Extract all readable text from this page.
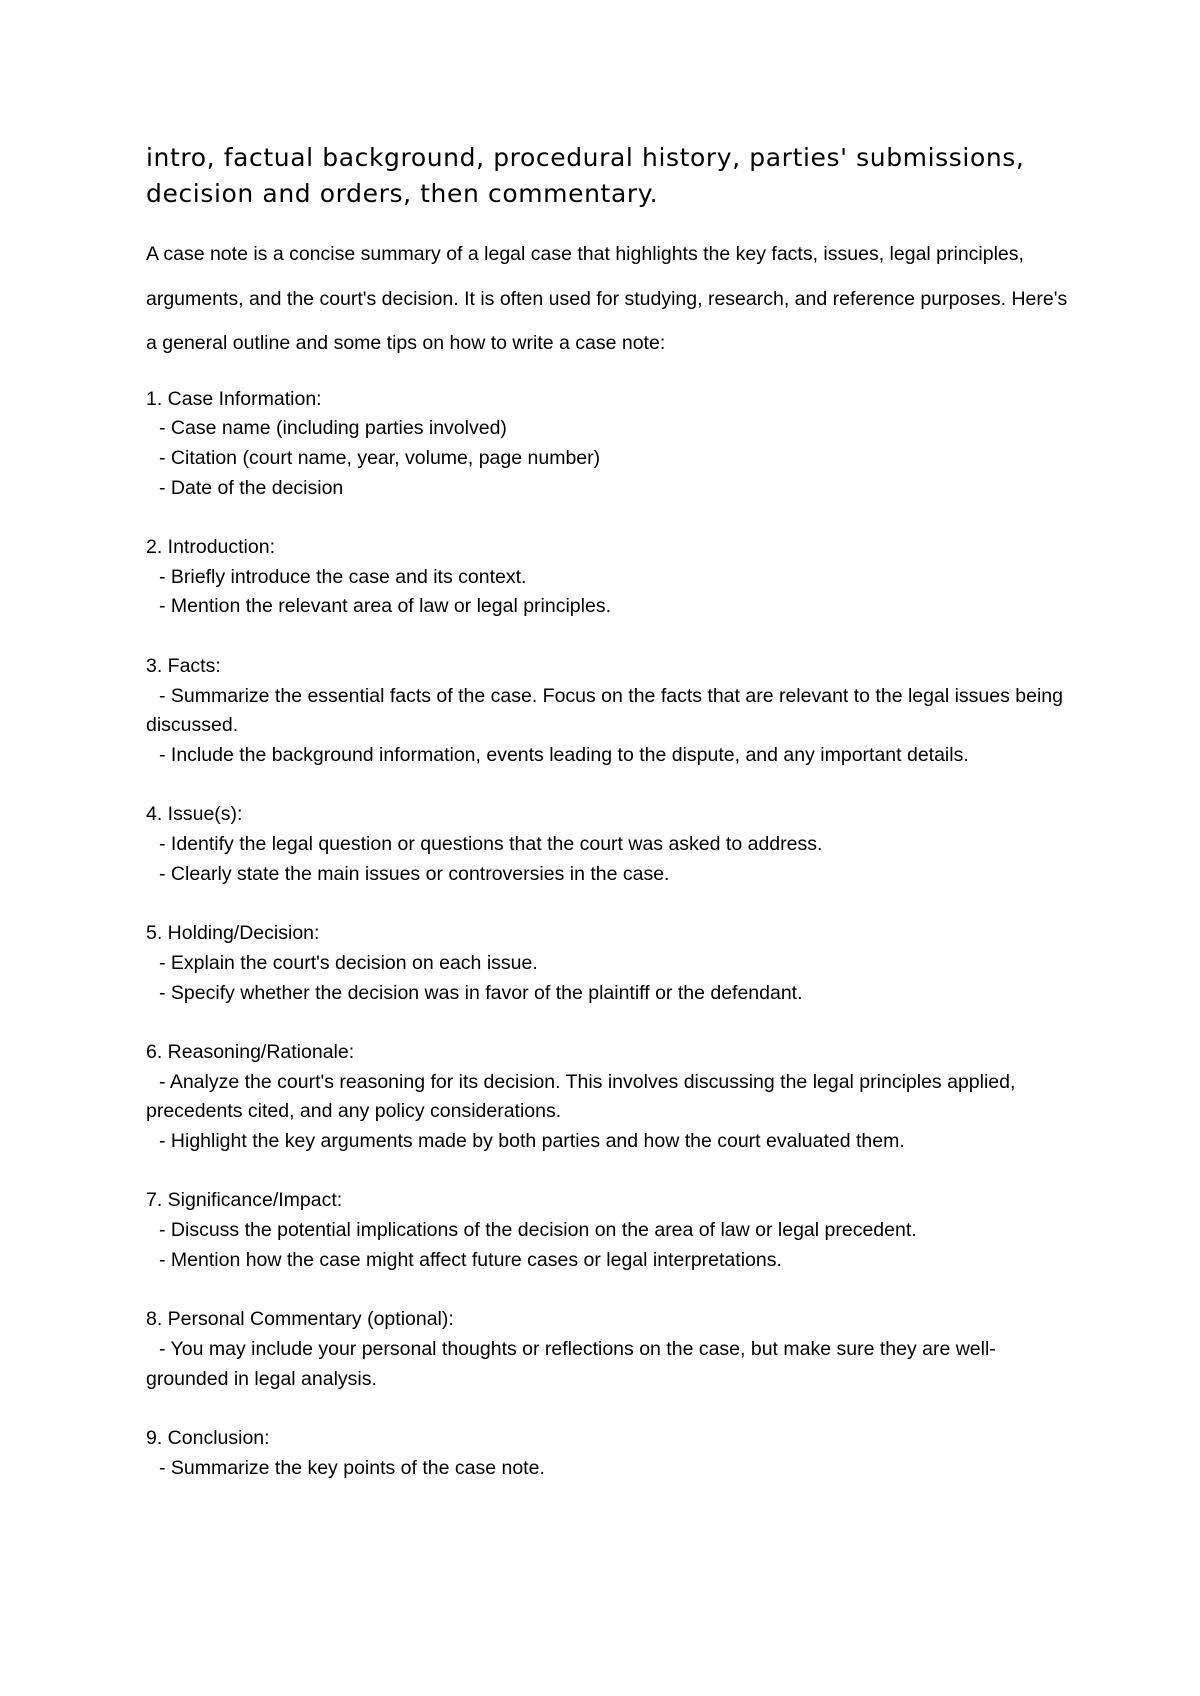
intro, factual background, procedural history, parties' submissions, decision and orders, then commentary.

A case note is a concise summary of a legal case that highlights the key facts, issues, legal principles, arguments, and the court's decision. It is often used for studying, research, and reference purposes. Here's a general outline and some tips on how to write a case note:

1. Case Information:

- Case name (including parties involved)

- Citation (court name, year, volume, page number)

- Date of the decision

2. Introduction:

- Briefly introduce the case and its context.

- Mention the relevant area of law or legal principles.

3. Facts:

- Summarize the essential facts of the case. Focus on the facts that are relevant to the legal issues being discussed.

- Include the background information, events leading to the dispute, and any important details.

4. Issue(s):

- Identify the legal question or questions that the court was asked to address.

- Clearly state the main issues or controversies in the case.

5. Holding/Decision:

- Explain the court's decision on each issue.

- Specify whether the decision was in favor of the plaintiff or the defendant.

6. Reasoning/Rationale:

- Analyze the court's reasoning for its decision. This involves discussing the legal principles applied, precedents cited, and any policy considerations.

- Highlight the key arguments made by both parties and how the court evaluated them.

7. Significance/Impact:

- Discuss the potential implications of the decision on the area of law or legal precedent.

- Mention how the case might affect future cases or legal interpretations.

8. Personal Commentary (optional):

- You may include your personal thoughts or reflections on the case, but make sure they are well-grounded in legal analysis.

9. Conclusion:

- Summarize the key points of the case note.
